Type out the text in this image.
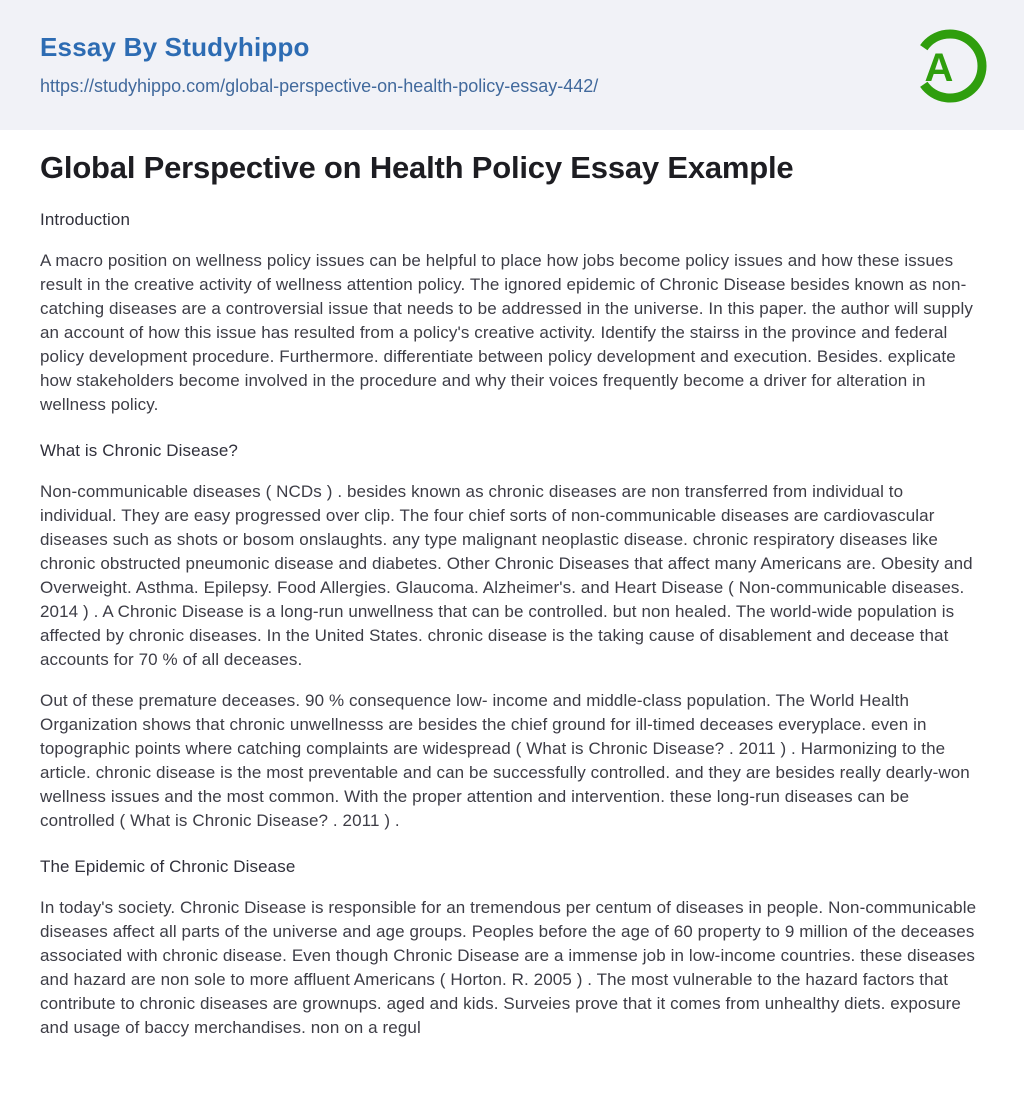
Essay By Studyhippo
https://studyhippo.com/global-perspective-on-health-policy-essay-442/	A
Global Perspective on Health Policy Essay Example
Introduction

A macro position on wellness policy issues can be helpful to place how jobs become policy issues and how these issues result in the creative activity of wellness attention policy. The ignored epidemic of Chronic Disease besides known as non- catching diseases are a controversial issue that needs to be addressed in the universe. In this paper. the author will supply an account of how this issue has resulted from a policy's creative activity. Identify the stairss in the province and federal policy development procedure. Furthermore. differentiate between policy development and execution. Besides. explicate how stakeholders become involved in the procedure and why their voices frequently become a driver for alteration in wellness policy.

What is Chronic Disease?

Non-communicable diseases ( NCDs ) . besides known as chronic diseases are non transferred from individual to individual. They are easy progressed over clip. The four chief sorts of non-communicable diseases are cardiovascular diseases such as shots or bosom onslaughts. any type malignant neoplastic disease. chronic respiratory diseases like chronic obstructed pneumonic disease and diabetes. Other Chronic Diseases that affect many Americans are. Obesity and Overweight. Asthma. Epilepsy. Food Allergies. Glaucoma. Alzheimer's. and Heart Disease ( Non-communicable diseases. 2014 ) . A Chronic Disease is a long-run unwellness that can be controlled. but non healed. The world-wide population is affected by chronic diseases. In the United States. chronic disease is the taking cause of disablement and decease that accounts for 70 % of all deceases.

Out of these premature deceases. 90 % consequence low- income and middle-class population. The World Health Organization shows that chronic unwellnesss are besides the chief ground for ill-timed deceases everyplace. even in topographic points where catching complaints are widespread ( What is Chronic Disease? . 2011 ) . Harmonizing to the article. chronic disease is the most preventable and can be successfully controlled. and they are besides really dearly-won wellness issues and the most common. With the proper attention and intervention. these long-run diseases can be controlled ( What is Chronic Disease? . 2011 ) .

The Epidemic of Chronic Disease

In today's society. Chronic Disease is responsible for an tremendous per centum of diseases in people. Non-communicable diseases affect all parts of the universe and age groups. Peoples before the age of 60 property to 9 million of the deceases associated with chronic disease. Even though Chronic Disease are a immense job in low-income countries. these diseases and hazard are non sole to more affluent Americans ( Horton. R. 2005 ) . The most vulnerable to the hazard factors that contribute to chronic diseases are grownups. aged and kids. Surveies prove that it comes from unhealthy diets. exposure and usage of baccy merchandises. non on a regul
